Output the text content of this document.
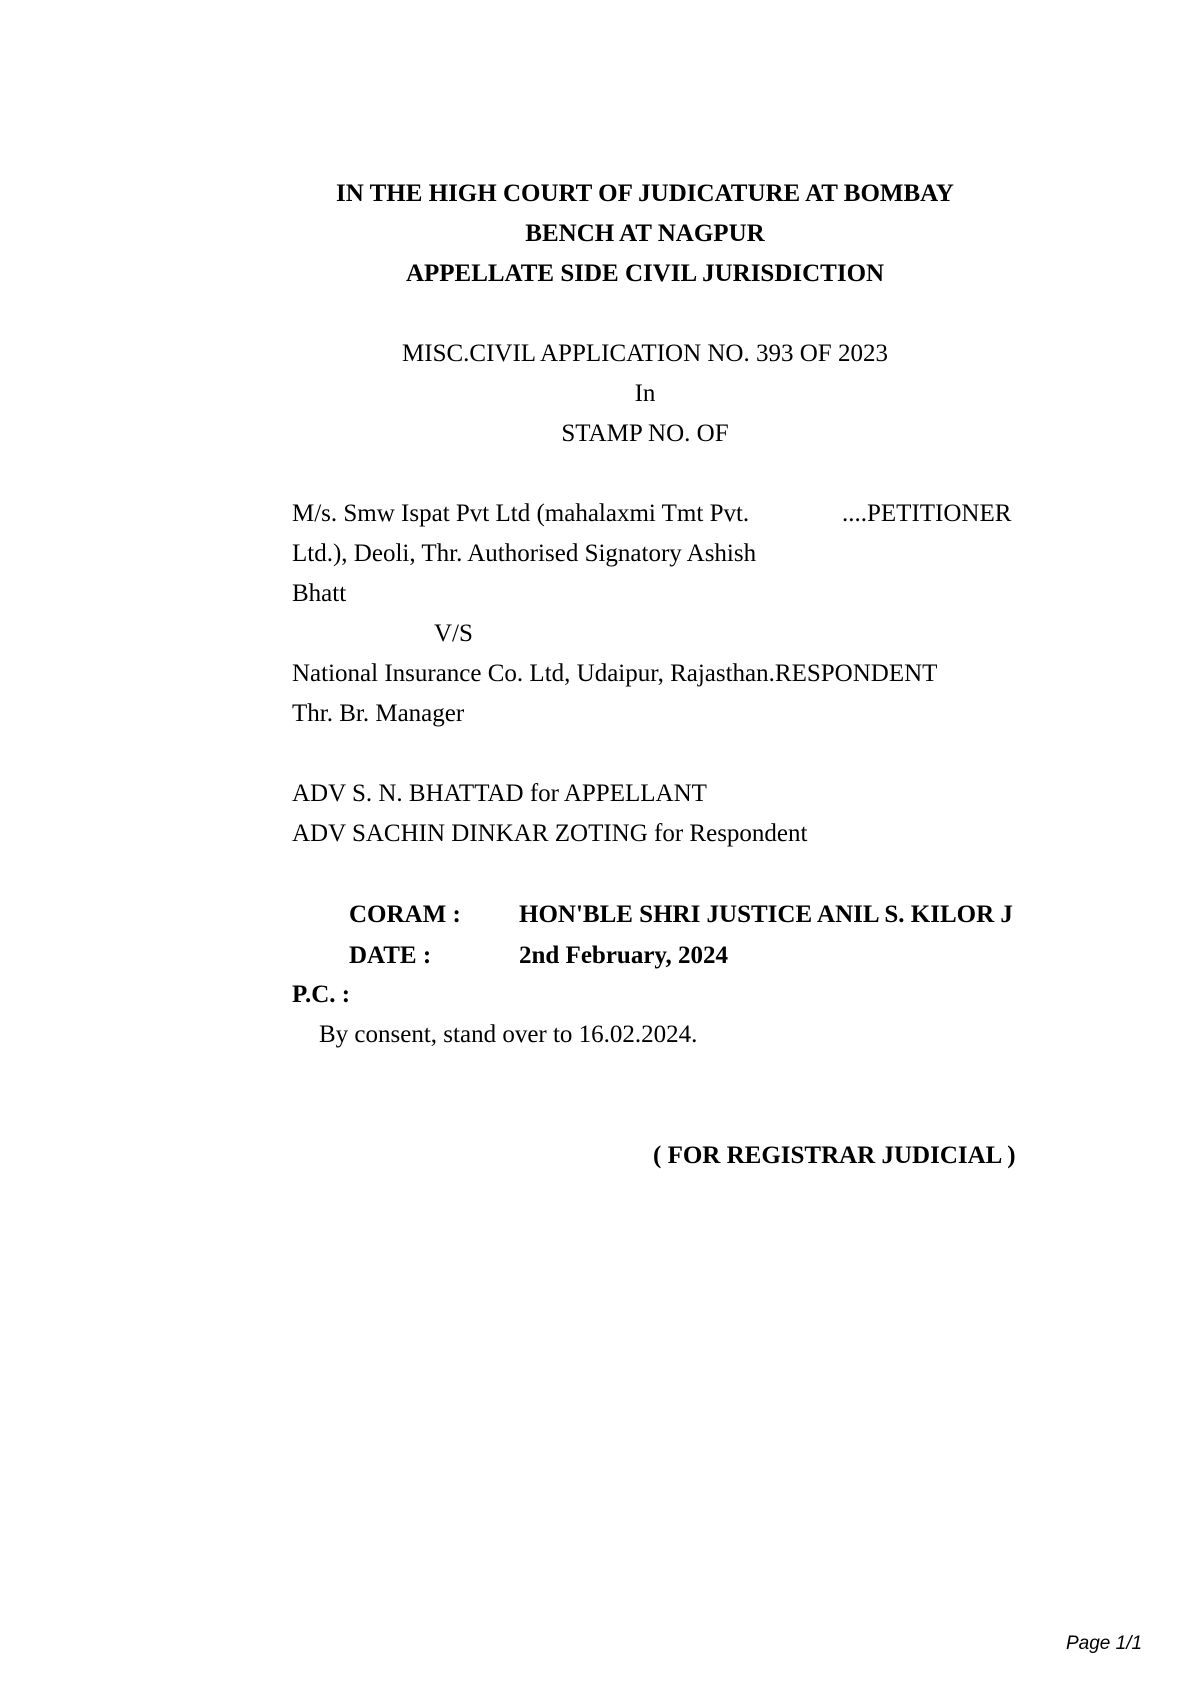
IN THE HIGH COURT OF JUDICATURE AT BOMBAY
BENCH AT NAGPUR
APPELLATE SIDE CIVIL JURISDICTION
MISC.CIVIL APPLICATION NO. 393 OF 2023
In
STAMP NO. OF
M/s. Smw Ispat Pvt Ltd (mahalaxmi Tmt Pvt.	....PETITIONER
Ltd.), Deoli, Thr. Authorised Signatory Ashish
Bhatt
V/S
National Insurance Co. Ltd, Udaipur, Rajasthan.RESPONDENT
Thr. Br. Manager
ADV S. N. BHATTAD for APPELLANT
ADV SACHIN DINKAR ZOTING for Respondent
CORAM : HON'BLE SHRI JUSTICE ANIL S. KILOR J
DATE :	2nd February, 2024
P.C. :
By consent, stand over to 16.02.2024.
( FOR REGISTRAR JUDICIAL )
Page 1/1
